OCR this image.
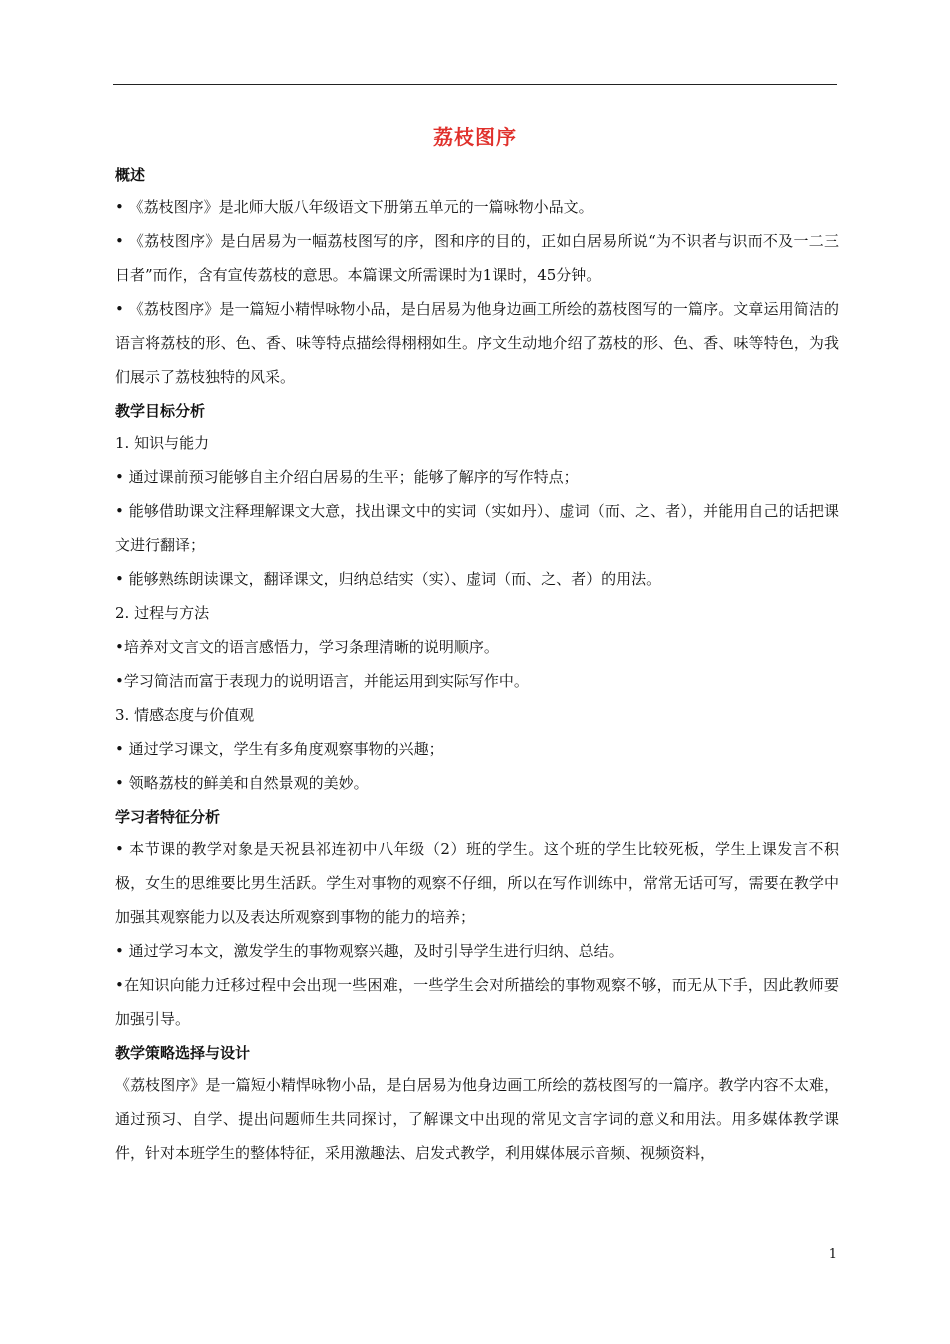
荔枝图序
概述
• 《荔枝图序》是北师大版八年级语文下册第五单元的一篇咏物小品文。
• 《荔枝图序》是白居易为一幅荔枝图写的序，图和序的目的，正如白居易所说“为不识者与识而不及一二三日者”而作，含有宣传荔枝的意思。本篇课文所需课时为1课时，45分钟。
• 《荔枝图序》是一篇短小精悍咏物小品，是白居易为他身边画工所绘的荔枝图写的一篇序。文章运用简洁的语言将荔枝的形、色、香、味等特点描绘得栩栩如生。序文生动地介绍了荔枝的形、色、香、味等特色，为我们展示了荔枝独特的风采。
教学目标分析
1. 知识与能力
• 通过课前预习能够自主介绍白居易的生平；能够了解序的写作特点；
• 能够借助课文注释理解课文大意，找出课文中的实词（实如丹）、虚词（而、之、者），并能用自己的话把课文进行翻译；
• 能够熟练朗读课文，翻译课文，归纳总结实（实）、虚词（而、之、者）的用法。
2. 过程与方法
•培养对文言文的语言感悟力，学习条理清晰的说明顺序。
•学习简洁而富于表现力的说明语言，并能运用到实际写作中。
3. 情感态度与价值观
• 通过学习课文，学生有多角度观察事物的兴趣；
• 领略荔枝的鲜美和自然景观的美妙。
学习者特征分析
• 本节课的教学对象是天祝县祁连初中八年级（2）班的学生。这个班的学生比较死板，学生上课发言不积极，女生的思维要比男生活跃。学生对事物的观察不仔细，所以在写作训练中，常常无话可写，需要在教学中加强其观察能力以及表达所观察到事物的能力的培养；
• 通过学习本文，激发学生的事物观察兴趣，及时引导学生进行归纳、总结。
•在知识向能力迁移过程中会出现一些困难，一些学生会对所描绘的事物观察不够，而无从下手，因此教师要加强引导。
教学策略选择与设计
《荔枝图序》是一篇短小精悍咏物小品，是白居易为他身边画工所绘的荔枝图写的一篇序。教学内容不太难，通过预习、自学、提出问题师生共同探讨，了解课文中出现的常见文言字词的意义和用法。用多媒体教学课件，针对本班学生的整体特征，采用激趣法、启发式教学，利用媒体展示音频、视频资料，
1
